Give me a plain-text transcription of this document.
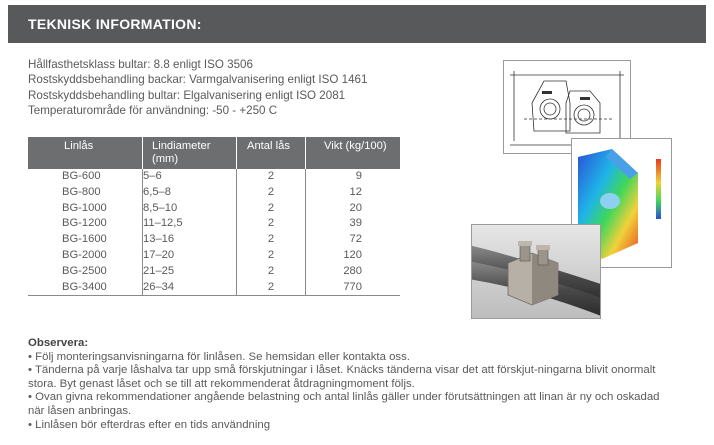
TEKNISK INFORMATION:
Hållfasthetsklass bultar: 8.8 enligt ISO 3506
Rostskyddsbehandling backar: Varmgalvanisering enligt ISO 1461
Rostskyddsbehandling bultar: Elgalvanisering enligt ISO 2081
Temperaturområde för användning: -50 - +250 C
Linlås	Lindiameter (mm)	Antal lås	Vikt (kg/100)
BG-600	5–6	2	9
BG-800	6,5–8	2	12
BG-1000	8,5–10	2	20
BG-1200	11–12,5	2	39
BG-1600	13–16	2	72
BG-2000	17–20	2	120
BG-2500	21–25	2	280
BG-3400	26–34	2	770
Observera:
• Följ monteringsanvisningarna för linlåsen. Se hemsidan eller kontakta oss.
• Tänderna på varje låshalva tar upp små förskjutningar i låset. Knäcks tänderna visar det att förskjut-ningarna blivit onormalt stora. Byt genast låset och se till att rekommenderat åtdragningmoment följs.
• Ovan givna rekommendationer angående belastning och antal linlås gäller under förutsättningen att linan är ny och oskadad när låsen anbringas.
• Linlåsen bör efterdras efter en tids användning
